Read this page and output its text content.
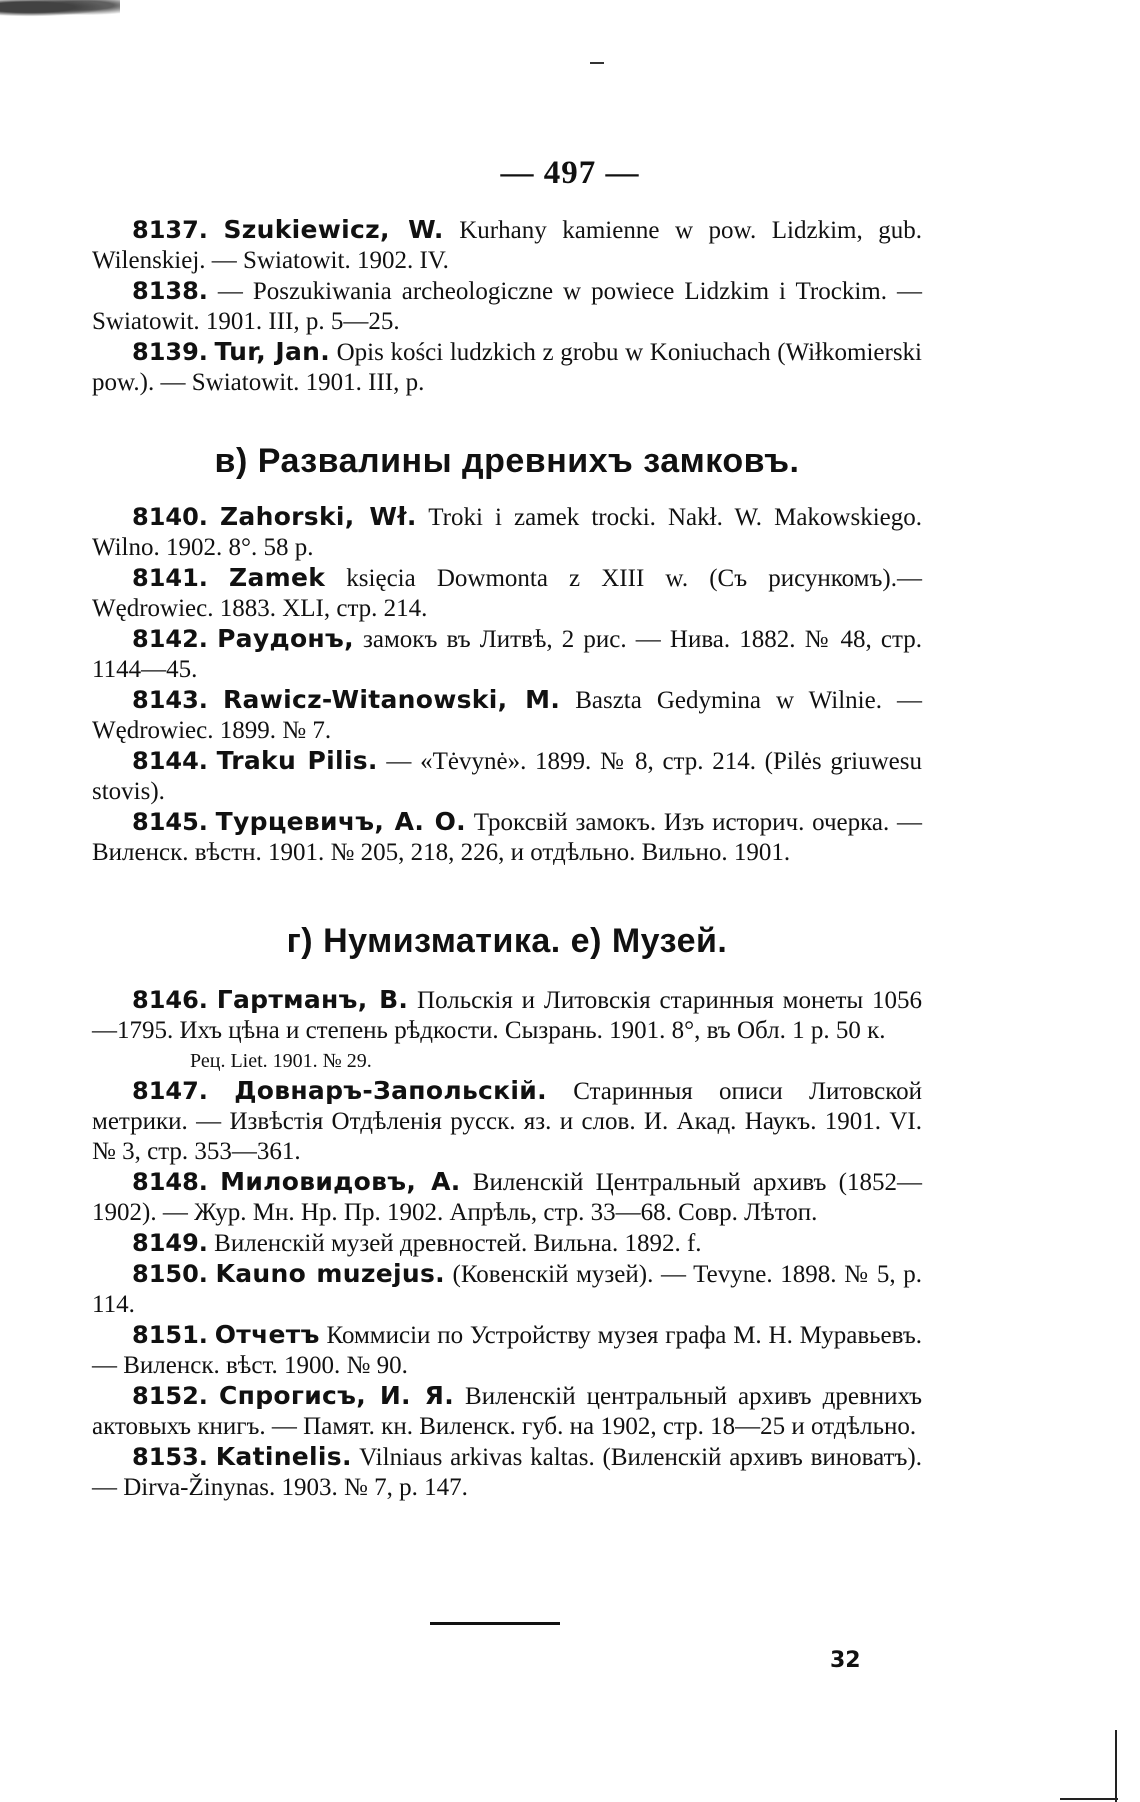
— 497 —

8137. Szukiewicz, W. Kurhany kamienne w pow. Lidzkim, gub. Wilenskiej. — Swiatowit. 1902. IV.

8138. — Poszukiwania archeologiczne w powiece Lidzkim i Trockim. — Swiatowit. 1901. III, p. 5—25.

8139. Tur, Jan. Opis kości ludzkich z grobu w Koniuchach (Wiłkomierski pow.). — Swiatowit. 1901. III, p.

в) Развалины древнихъ замковъ.

8140. Zahorski, Wł. Troki i zamek trocki. Nakł. W. Makowskiego. Wilno. 1902. 8°. 58 p.

8141. Zamek księcia Dowmonta z XIII w. (Съ рисункомъ).— Wędrowiec. 1883. XLI, стр. 214.

8142. Раудонъ, замокъ въ Литвѣ, 2 рис. — Нива. 1882. № 48, стр. 1144—45.

8143. Rawicz-Witanowski, M. Baszta Gedymina w Wilnie. — Wędrowiec. 1899. № 7.

8144. Traku Pilis. — «Tėvynė». 1899. № 8, стр. 214. (Pilės griuwesu stovis).

8145. Турцевичъ, А. О. Троксвій замокъ. Изъ историч. очерка. — Виленск. вѣстн. 1901. № 205, 218, 226, и отдѣльно. Вильно. 1901.

г) Нумизматика. е) Музей.

8146. Гартманъ, В. Польскія и Литовскія старинныя монеты 1056—1795. Ихъ цѣна и степень рѣдкости. Сызрань. 1901. 8°, въ Обл. 1 р. 50 к.

Рец. Liet. 1901. № 29.

8147. Довнаръ-Запольскій. Старинныя описи Литовской метрики. — Извѣстія Отдѣленія русск. яз. и слов. И. Акад. Наукъ. 1901. VI. № 3, стр. 353—361.

8148. Миловидовъ, А. Виленскій Центральный архивъ (1852—1902). — Жур. Мн. Нр. Пр. 1902. Апрѣль, стр. 33—68. Совр. Лѣтоп.

8149. Виленскій музей древностей. Вильна. 1892. f.

8150. Kauno muzejus. (Ковенскій музей). — Tevyne. 1898. № 5, p. 114.

8151. Отчетъ Коммисіи по Устройству музея графа М. Н. Муравьевъ. — Виленск. вѣст. 1900. № 90.

8152. Спрогисъ, И. Я. Виленскій центральный архивъ древнихъ актовыхъ книгъ. — Памят. кн. Виленск. губ. на 1902, стр. 18—25 и отдѣльно.

8153. Katinelis. Vilniaus arkivas kaltas. (Виленскій архивъ виноватъ). — Dirva-Žinynas. 1903. № 7, p. 147.

32
